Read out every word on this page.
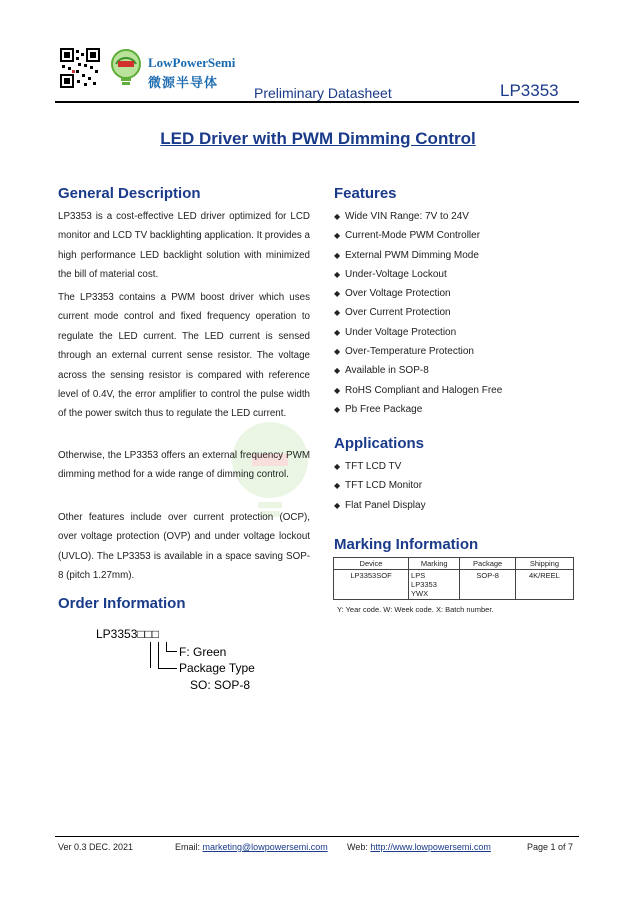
LowPowerSemi
微源半导体
Preliminary Datasheet	LP3353
LED Driver with PWM Dimming Control
General Description
LP3353 is a cost-effective LED driver optimized for LCD monitor and LCD TV backlighting application. It provides a high performance LED backlight solution with minimized the bill of material cost.
The LP3353 contains a PWM boost driver which uses current mode control and fixed frequency operation to regulate the LED current. The LED current is sensed through an external current sense resistor. The voltage across the sensing resistor is compared with reference level of 0.4V, the error amplifier to control the pulse width of the power switch thus to regulate the LED current.
Otherwise, the LP3353 offers an external frequency PWM dimming method for a wide range of dimming control.
Other features include over current protection (OCP), over voltage protection (OVP) and under voltage lockout (UVLO). The LP3353 is available in a space saving SOP-8 (pitch 1.27mm).
Order Information
LP3353□□□
F: Green
Package Type
SO: SOP-8
Features
◆ Wide V​IN Range: 7V to 24V
◆ Current-Mode PWM Controller
◆ External PWM Dimming Mode
◆ Under-Voltage Lockout
◆ Over Voltage Protection
◆ Over Current Protection
◆ Under Voltage Protection
◆ Over-Temperature Protection
◆ Available in SOP-8
◆ RoHS Compliant and Halogen Free
◆ Pb Free Package
Applications
◆ TFT LCD TV
◆ TFT LCD Monitor
◆ Flat Panel Display
Marking Information
Device	Marking	Package	Shipping
LP3353SOF	LPS
LP3353
YWX	SOP-8	4K/REEL
Y: Year code. W: Week code. X: Batch number.
Ver 0.3 DEC. 2021	Email: marketing@lowpowersemi.com Web: http://www.lowpowersemi.com	Page 1 of 7
